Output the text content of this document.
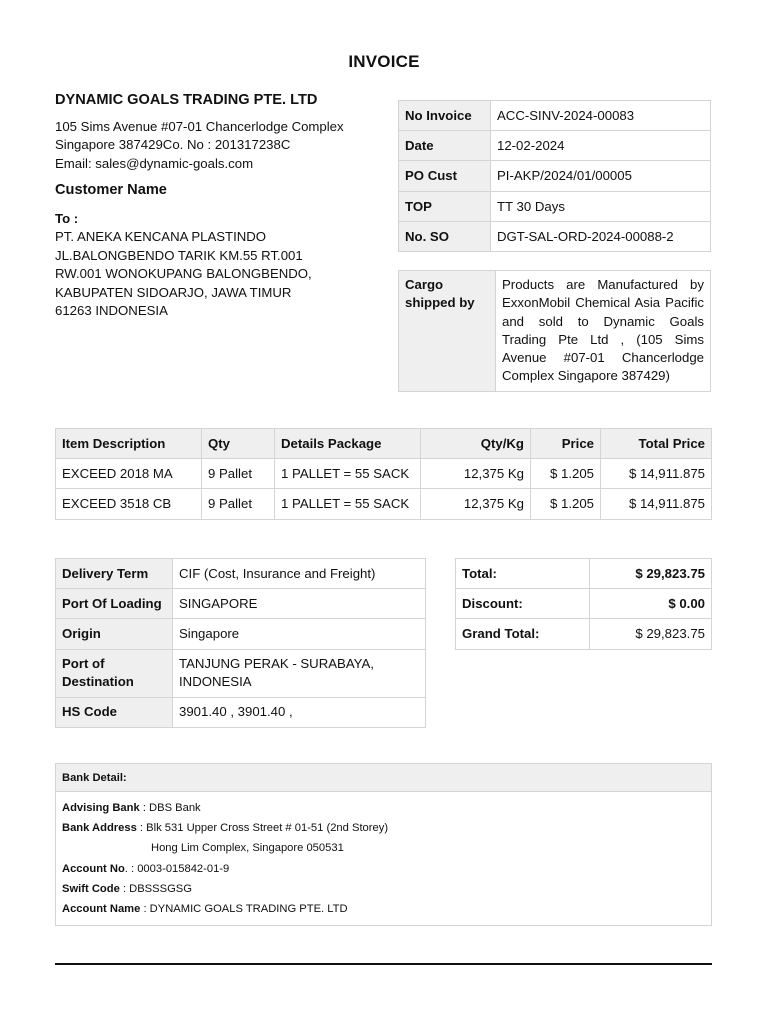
INVOICE
DYNAMIC GOALS TRADING PTE. LTD
105 Sims Avenue #07-01 Chancerlodge Complex
Singapore 387429Co. No : 201317238C
Email: sales@dynamic-goals.com
Customer Name
To :
PT. ANEKA KENCANA PLASTINDO
JL.BALONGBENDO TARIK KM.55 RT.001
RW.001 WONOKUPANG BALONGBENDO,
KABUPATEN SIDOARJO, JAWA TIMUR
61263 INDONESIA
No Invoice	ACC-SINV-2024-00083
Date	12-02-2024
PO Cust	PI-AKP/2024/01/00005
TOP	TT 30 Days
No. SO	DGT-SAL-ORD-2024-00088-2
Cargo shipped by	Products are Manufactured by ExxonMobil Chemical Asia Pacific and sold to Dynamic Goals Trading Pte Ltd , (105 Sims Avenue #07-01 Chancerlodge Complex Singapore 387429)
Item Description	Qty	Details Package	Qty/Kg	Price	Total Price
EXCEED 2018 MA	9 Pallet	1 PALLET = 55 SACK	12,375 Kg	$ 1.205	$ 14,911.875
EXCEED 3518 CB	9 Pallet	1 PALLET = 55 SACK	12,375 Kg	$ 1.205	$ 14,911.875
Delivery Term	CIF (Cost, Insurance and Freight)
Port Of Loading	SINGAPORE
Origin	Singapore
Port of Destination	TANJUNG PERAK - SURABAYA, INDONESIA
HS Code	3901.40 , 3901.40 ,
Total:	$ 29,823.75
Discount:	$ 0.00
Grand Total:	$ 29,823.75
Bank Detail:
Advising Bank : DBS Bank
Bank Address : Blk 531 Upper Cross Street # 01-51 (2nd Storey)
Hong Lim Complex, Singapore 050531
Account No. : 0003-015842-01-9
Swift Code : DBSSSGSG
Account Name : DYNAMIC GOALS TRADING PTE. LTD
